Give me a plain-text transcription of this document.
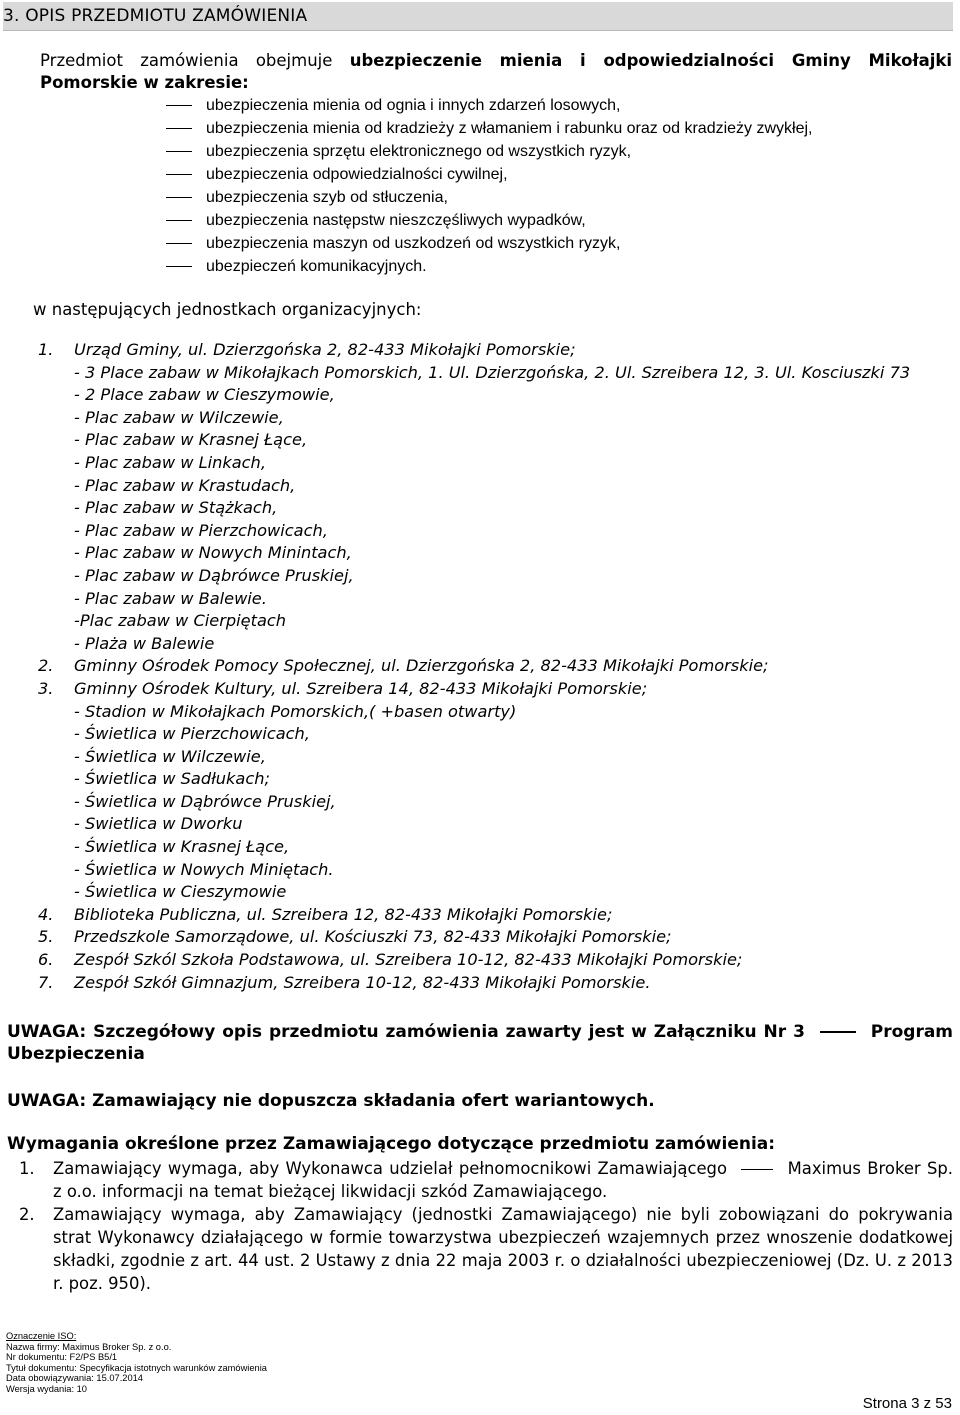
3. OPIS PRZEDMIOTU ZAMÓWIENIA
Przedmiot zamówienia obejmuje ubezpieczenie mienia i odpowiedzialności Gminy Mikołajki Pomorskie w zakresie:
ubezpieczenia mienia od ognia i innych zdarzeń losowych,
ubezpieczenia mienia od kradzieży z włamaniem i rabunku oraz od kradzieży zwykłej,
ubezpieczenia sprzętu elektronicznego od wszystkich ryzyk,
ubezpieczenia odpowiedzialności cywilnej,
ubezpieczenia szyb od stłuczenia,
ubezpieczenia następstw nieszczęśliwych wypadków,
ubezpieczenia maszyn od uszkodzeń od wszystkich ryzyk,
ubezpieczeń komunikacyjnych.
w następujących jednostkach organizacyjnych:
1. Urząd Gminy, ul. Dzierzgońska 2, 82-433 Mikołajki Pomorskie;
- 3 Place zabaw w Mikołajkach Pomorskich, 1. Ul. Dzierzgońska, 2. Ul. Szreibera 12, 3. Ul. Kosciuszki 73
- 2 Place zabaw w Cieszymowie,
- Plac zabaw w Wilczewie,
- Plac zabaw w Krasnej Łące,
- Plac zabaw w Linkach,
- Plac zabaw w Krastudach,
- Plac zabaw w Stążkach,
- Plac zabaw w Pierzchowicach,
- Plac zabaw w Nowych Minintach,
- Plac zabaw w Dąbrówce Pruskiej,
- Plac zabaw w Balewie.
-Plac zabaw w Cierpiętach
- Plaża w Balewie
2. Gminny Ośrodek Pomocy Społecznej, ul. Dzierzgońska 2, 82-433 Mikołajki Pomorskie;
3. Gminny Ośrodek Kultury, ul. Szreibera 14, 82-433 Mikołajki Pomorskie;
- Stadion w Mikołajkach Pomorskich,( +basen otwarty)
- Świetlica w Pierzchowicach,
- Świetlica w Wilczewie,
- Świetlica w Sadłukach;
- Świetlica w Dąbrówce Pruskiej,
- Swietlica w Dworku
- Świetlica w Krasnej Łące,
- Świetlica w Nowych Miniętach.
- Świetlica w Cieszymowie
4. Biblioteka Publiczna, ul. Szreibera 12, 82-433 Mikołajki Pomorskie;
5. Przedszkole Samorządowe, ul. Kościuszki 73, 82-433 Mikołajki Pomorskie;
6. Zespół Szkól Szkoła Podstawowa, ul. Szreibera 10-12, 82-433 Mikołajki Pomorskie;
7. Zespół Szkół Gimnazjum, Szreibera 10-12, 82-433 Mikołajki Pomorskie.
UWAGA: Szczegółowy opis przedmiotu zamówienia zawarty jest w Załączniku Nr 3	Program Ubezpieczenia
UWAGA: Zamawiający nie dopuszcza składania ofert wariantowych.
Wymagania określone przez Zamawiającego dotyczące przedmiotu zamówienia:
1. Zamawiający wymaga, aby Wykonawca udzielał pełnomocnikowi Zamawiającego	Maximus Broker Sp. z o.o. informacji na temat bieżącej likwidacji szkód Zamawiającego.
2. Zamawiający wymaga, aby Zamawiający (jednostki Zamawiającego) nie byli zobowiązani do pokrywania strat Wykonawcy działającego w formie towarzystwa ubezpieczeń wzajemnych przez wnoszenie dodatkowej składki, zgodnie z art. 44 ust. 2 Ustawy z dnia 22 maja 2003 r. o działalności ubezpieczeniowej (Dz. U. z 2013 r. poz. 950).
Oznaczenie ISO:
Nazwa firmy: Maximus Broker Sp. z o.o.
Nr dokumentu: F2/PS B5/1
Tytuł dokumentu: Specyfikacja istotnych warunków zamówienia
Data obowiązywania: 15.07.2014
Wersja wydania: 10
Strona 3 z 53
